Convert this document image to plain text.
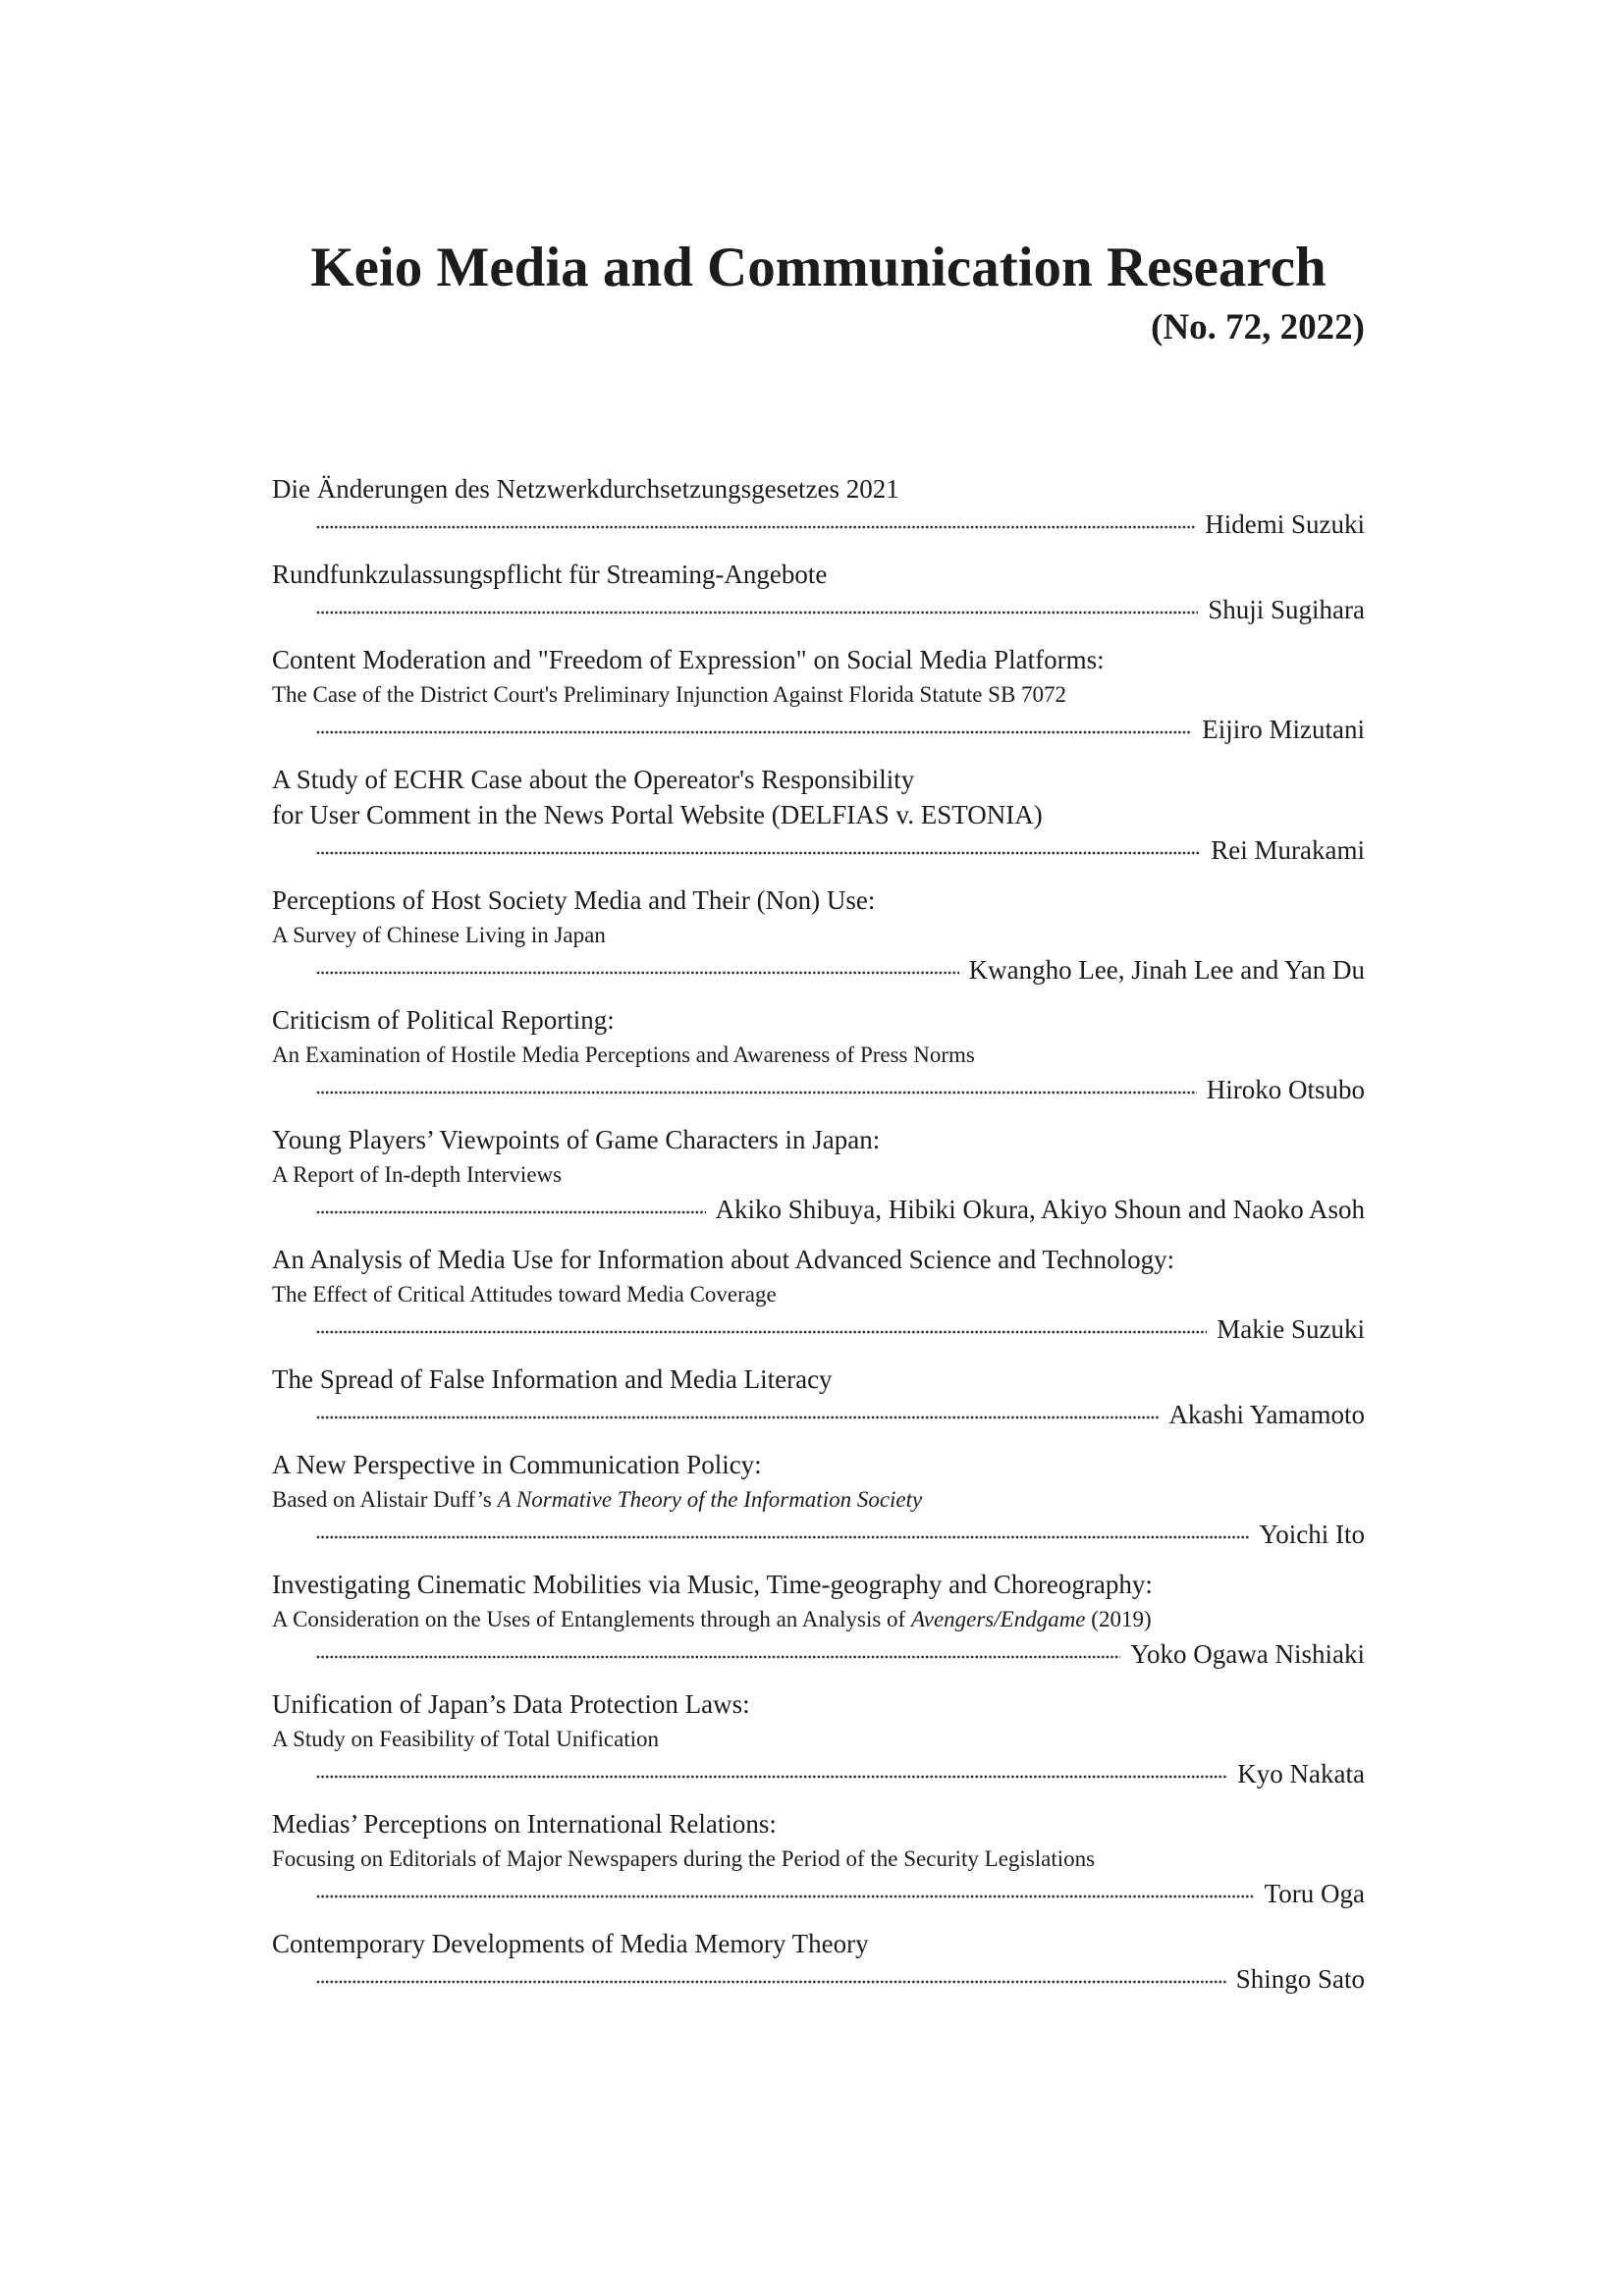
Keio Media and Communication Research
(No. 72, 2022)
Die Änderungen des Netzwerkdurchsetzungsgesetzes 2021
Hidemi Suzuki
Rundfunkzulassungspflicht für Streaming-Angebote
Shuji Sugihara
Content Moderation and "Freedom of Expression" on Social Media Platforms:
The Case of the District Court's Preliminary Injunction Against Florida Statute SB 7072
Eijiro Mizutani
A Study of ECHR Case about the Opereator's Responsibility
for User Comment in the News Portal Website (DELFIAS v. ESTONIA)
Rei Murakami
Perceptions of Host Society Media and Their (Non) Use:
A Survey of Chinese Living in Japan
Kwangho Lee, Jinah Lee and Yan Du
Criticism of Political Reporting:
An Examination of Hostile Media Perceptions and Awareness of Press Norms
Hiroko Otsubo
Young Players’ Viewpoints of Game Characters in Japan:
A Report of In-depth Interviews
Akiko Shibuya, Hibiki Okura, Akiyo Shoun and Naoko Asoh
An Analysis of Media Use for Information about Advanced Science and Technology:
The Effect of Critical Attitudes toward Media Coverage
Makie Suzuki
The Spread of False Information and Media Literacy
Akashi Yamamoto
A New Perspective in Communication Policy:
Based on Alistair Duff’s A Normative Theory of the Information Society
Yoichi Ito
Investigating Cinematic Mobilities via Music, Time-geography and Choreography:
A Consideration on the Uses of Entanglements through an Analysis of Avengers/Endgame (2019)
Yoko Ogawa Nishiaki
Unification of Japan’s Data Protection Laws:
A Study on Feasibility of Total Unification
Kyo Nakata
Medias’ Perceptions on International Relations:
Focusing on Editorials of Major Newspapers during the Period of the Security Legislations
Toru Oga
Contemporary Developments of Media Memory Theory
Shingo Sato
